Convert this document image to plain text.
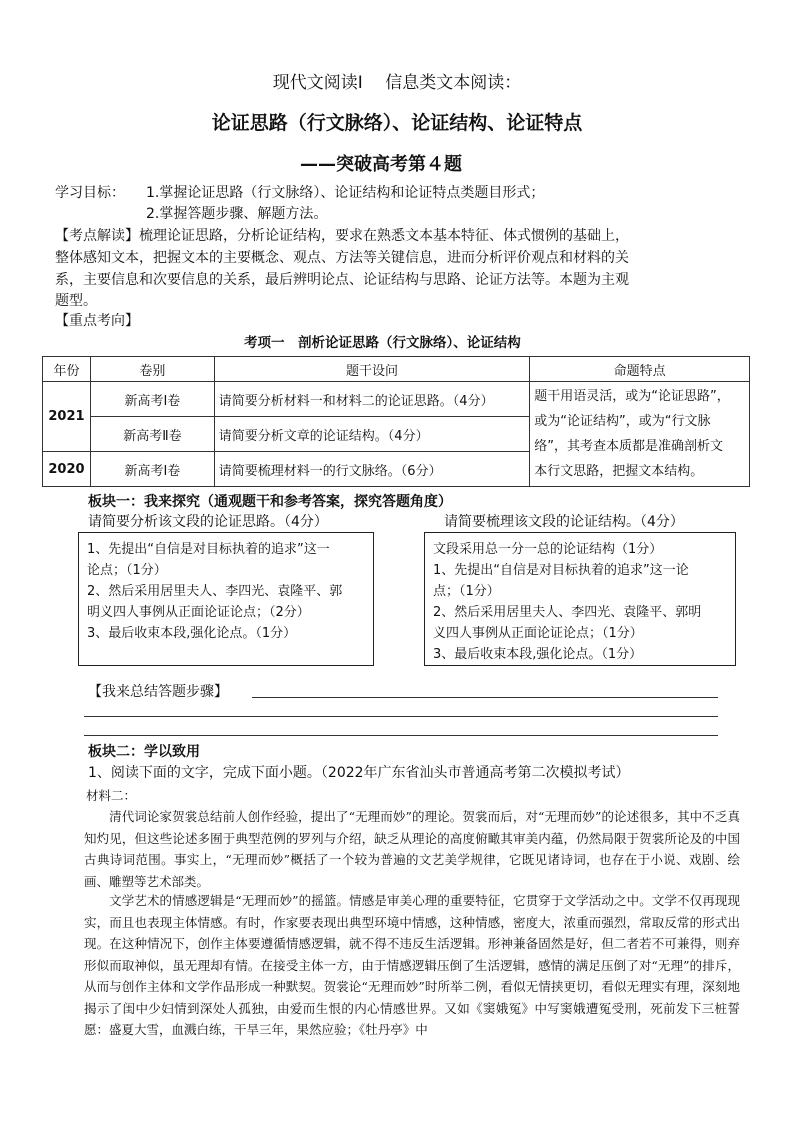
现代文阅读Ⅰ　 信息类文本阅读：
论证思路（行文脉络）、论证结构、论证特点
——突破高考第４题
学习目标： 1.掌握论证思路（行文脉络）、论证结构和论证特点类题目形式；
2.掌握答题步骤、解题方法。
【考点解读】梳理论证思路，分析论证结构，要求在熟悉文本基本特征、体式惯例的基础上，
整体感知文本，把握文本的主要概念、观点、方法等关键信息，进而分析评价观点和材料的关
系，主要信息和次要信息的关系，最后辨明论点、论证结构与思路、论证方法等。本题为主观
题型。
【重点考向】
考项一　剖析论证思路（行文脉络）、论证结构
年份	卷别	题干设问	命题特点
2021	新高考Ⅰ卷	请简要分析材料一和材料二的论证思路。（4分）	题干用语灵活，或为“论证思路”，
或为“论证结构”，或为“行文脉
络”，其考查本质都是准确剖析文
本行文思路，把握文本结构。

	新高考Ⅱ卷	请简要分析文章的论证结构。（4分）	
2020	新高考Ⅰ卷	请简要梳理材料一的行文脉络。（6分）	
板块一：我来探究（通观题干和参考答案，探究答题角度）
请简要分析该文段的论证思路。（4分）	请简要梳理该文段的论证结构。（4分）
1、先提出“自信是对目标执着的追求”这一
论点；（1分）
2、然后采用居里夫人、李四光、袁隆平、郭
明义四人事例从正面论证论点；（2分）
3、最后收束本段,强化论点。（1分）
文段采用总一分一总的论证结构（1分）
1、先提出“自信是对目标执着的追求”这一论
点；（1分）
2、然后采用居里夫人、李四光、袁隆平、郭明
义四人事例从正面论证论点；（1分）
3、最后收束本段,强化论点。（1分）
【我来总结答题步骤】
板块二：学以致用
1、阅读下面的文字，完成下面小题。（2022年广东省汕头市普通高考第二次模拟考试）
材料二：
清代词论家贺裳总结前人创作经验，提出了“无理而妙”的理论。贺裳而后，对“无理而妙”的论述很多，其中不乏真知灼见，但这些论述多囿于典型范例的罗列与介绍，缺乏从理论的高度俯瞰其审美内蕴，仍然局限于贺裳所论及的中国古典诗词范围。事实上，“无理而妙”概括了一个较为普遍的文艺美学规律，它既见诸诗词，也存在于小说、戏剧、绘画、雕塑等艺术部类。
文学艺术的情感逻辑是“无理而妙”的摇篮。情感是审美心理的重要特征，它贯穿于文学活动之中。文学不仅再现现实，而且也表现主体情感。有时，作家要表现出典型环境中情感，这种情感，密度大，浓重而强烈，常取反常的形式出现。在这种情况下，创作主体要遵循情感逻辑，就不得不违反生活逻辑。形神兼备固然是好，但二者若不可兼得，则弃形似而取神似，虽无理却有情。在接受主体一方，由于情感逻辑压倒了生活逻辑，感情的满足压倒了对“无理”的排斥，从而与创作主体和文学作品形成一种默契。贺裳论“无理而妙”时所举二例，看似无情挟更切，看似无理实有理，深刻地揭示了闺中少妇情到深处人孤独，由爱而生恨的内心情感世界。又如《窦娥冤》中写窦娥遭冤受刑，死前发下三桩誓愿：盛夏大雪，血溅白练，干旱三年，果然应验；《牡丹亭》中
